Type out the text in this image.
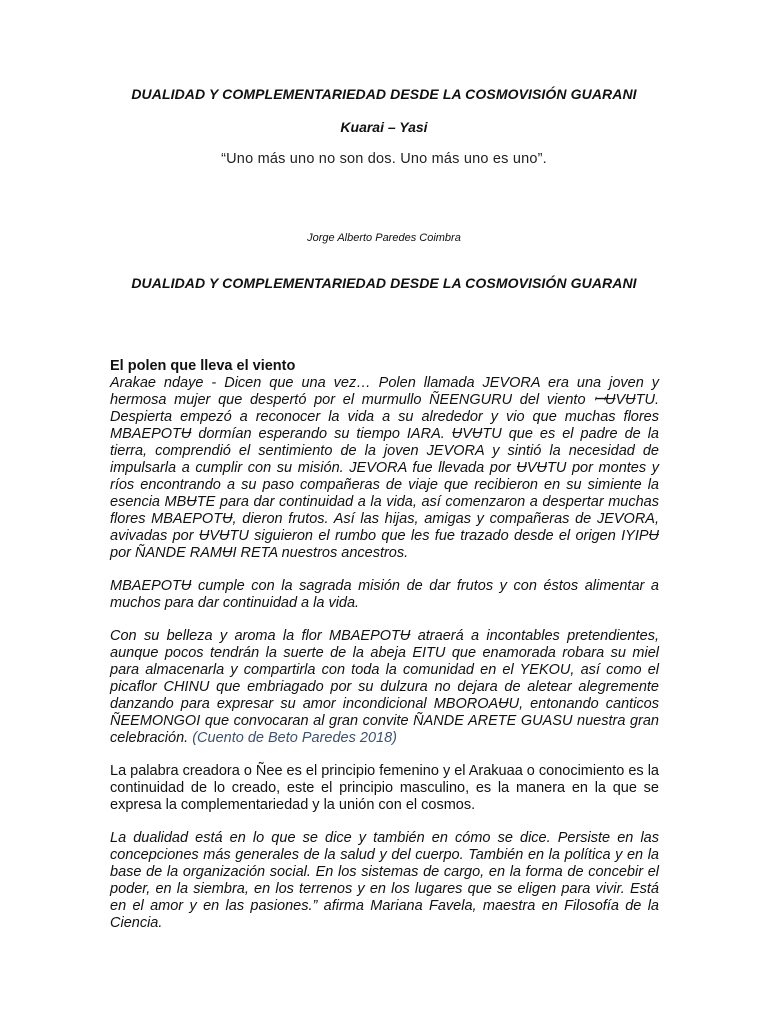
DUALIDAD Y COMPLEMENTARIEDAD DESDE LA COSMOVISIÓN GUARANI
Kuarai – Yasi
“Uno más uno no son dos. Uno más uno es uno”.
Jorge Alberto Paredes Coimbra
DUALIDAD Y COMPLEMENTARIEDAD DESDE LA COSMOVISIÓN GUARANI
El polen que lleva el viento

Arakae ndaye - Dicen que una vez… Polen llamada JEVORA era una joven y hermosa mujer que despertó por el murmullo ÑEENGURU del viento ꟷɄVɄTU. Despierta empezó a reconocer la vida a su alrededor y vio que muchas flores MBAEPOTɄ dormían esperando su tiempo IARA. ɄVɄTU que es el padre de la tierra, comprendió el sentimiento de la joven JEVORA y sintió la necesidad de impulsarla a cumplir con su misión. JEVORA fue llevada por ɄVɄTU por montes y ríos encontrando a su paso compañeras de viaje que recibieron en su simiente la esencia MBɄTE para dar continuidad a la vida, así comenzaron a despertar muchas flores MBAEPOTɄ, dieron frutos. Así las hijas, amigas y compañeras de JEVORA, avivadas por ɄVɄTU siguieron el rumbo que les fue trazado desde el origen IYIPɄ por ÑANDE RAMɄI RETA nuestros ancestros.

MBAEPOTɄ cumple con la sagrada misión de dar frutos y con éstos alimentar a muchos para dar continuidad a la vida.

Con su belleza y aroma la flor MBAEPOTɄ atraerá a incontables pretendientes, aunque pocos tendrán la suerte de la abeja EITU que enamorada robara su miel para almacenarla y compartirla con toda la comunidad en el YEKOU, así como el picaflor CHINU que embriagado por su dulzura no dejara de aletear alegremente danzando para expresar su amor incondicional MBOROAɄU, entonando canticos ÑEEMONGOI que convocaran al gran convite ÑANDE ARETE GUASU nuestra gran celebración. (Cuento de Beto Paredes 2018)

La palabra creadora o Ñee es el principio femenino y el Arakuaa o conocimiento es la continuidad de lo creado, este el principio masculino, es la manera en la que se expresa la complementariedad y la unión con el cosmos.

La dualidad está en lo que se dice y también en cómo se dice. Persiste en las concepciones más generales de la salud y del cuerpo. También en la política y en la base de la organización social. En los sistemas de cargo, en la forma de concebir el poder, en la siembra, en los terrenos y en los lugares que se eligen para vivir. Está en el amor y en las pasiones.” afirma Mariana Favela, maestra en Filosofía de la Ciencia.
